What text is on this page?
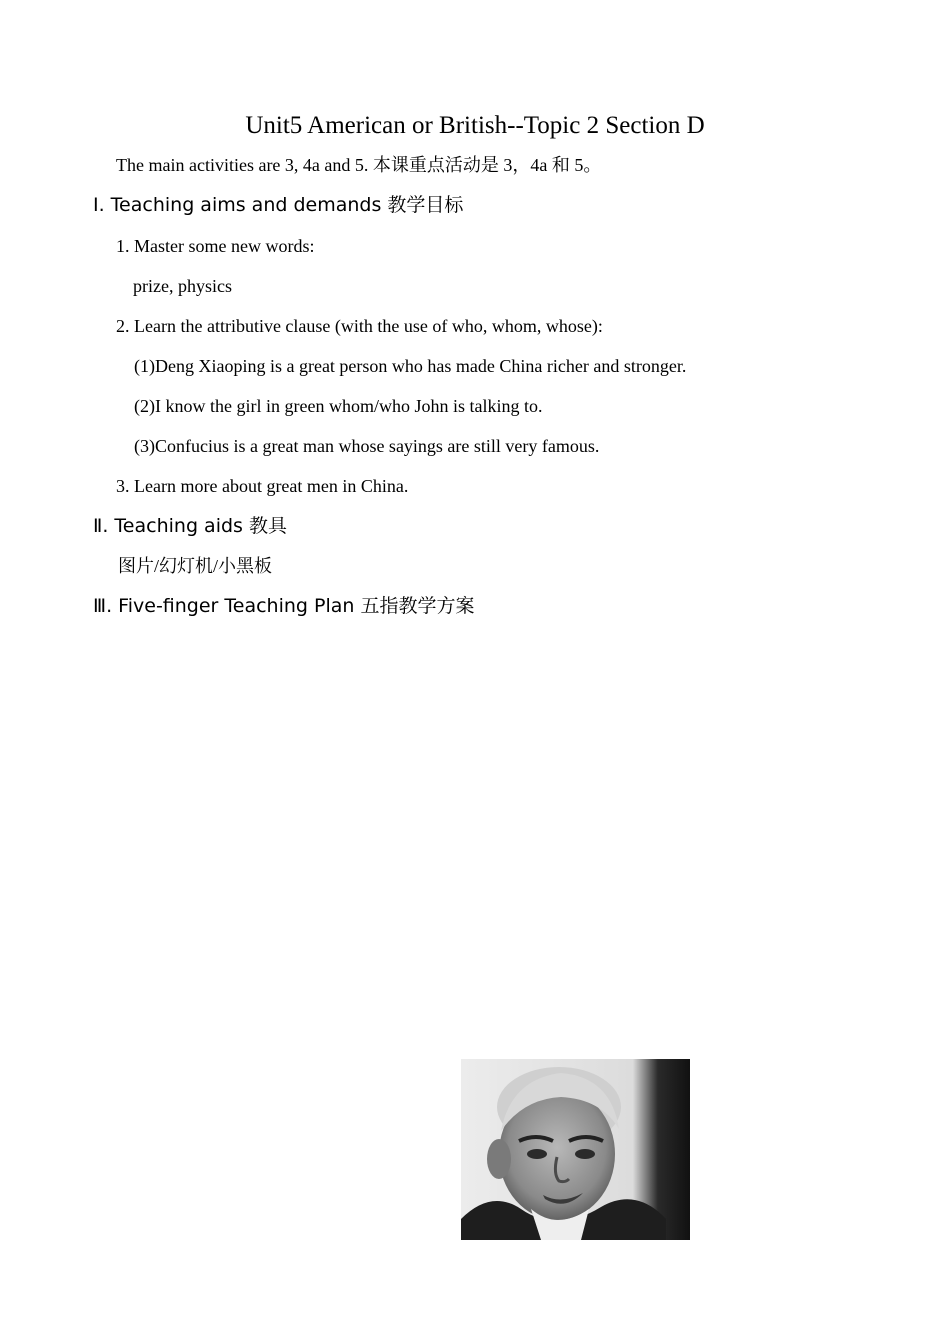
Unit5 American or British--Topic 2 Section D
The main activities are 3, 4a and 5. 本课重点活动是 3，4a 和 5。
Ⅰ. Teaching aims and demands 教学目标
1. Master some new words:
prize, physics
2. Learn the attributive clause (with the use of who, whom, whose):
(1)Deng Xiaoping is a great person who has made China richer and stronger.
(2)I know the girl in green whom/who John is talking to.
(3)Confucius is a great man whose sayings are still very famous.
3. Learn more about great men in China.
Ⅱ. Teaching aids 教具
图片/幻灯机/小黑板
Ⅲ. Five-finger Teaching Plan 五指教学方案
